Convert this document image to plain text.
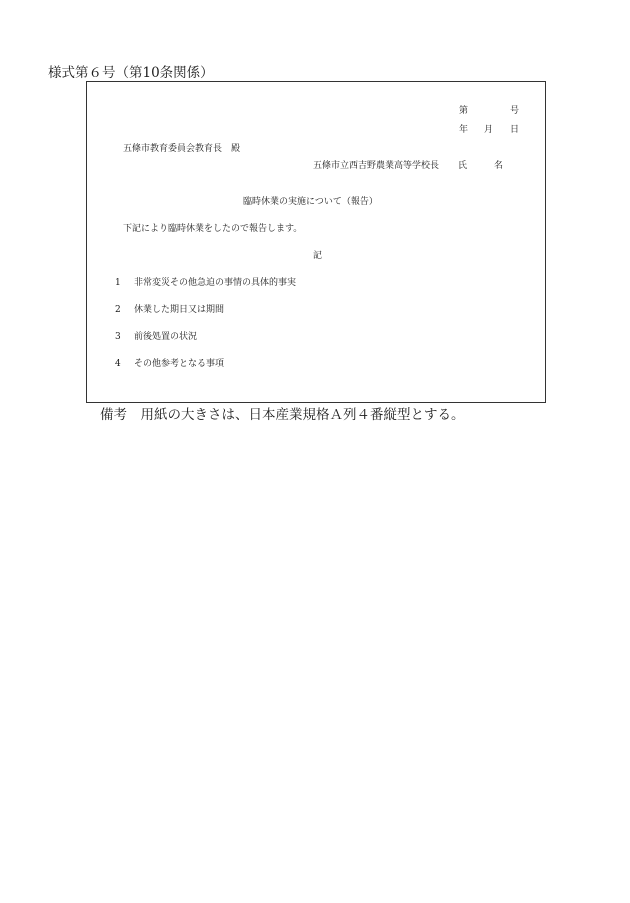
様式第６号（第10条関係）
第	号
年 月 日
五條市教育委員会教育長　殿
五條市立西吉野農業高等学校長 氏	名
臨時休業の実施について（報告）
下記により臨時休業をしたので報告します。
記
1 非常変災その他急迫の事情の具体的事実
2 休業した期日又は期間
3 前後処置の状況
4 その他参考となる事項
備考　用紙の大きさは、日本産業規格Ａ列４番縦型とする。
